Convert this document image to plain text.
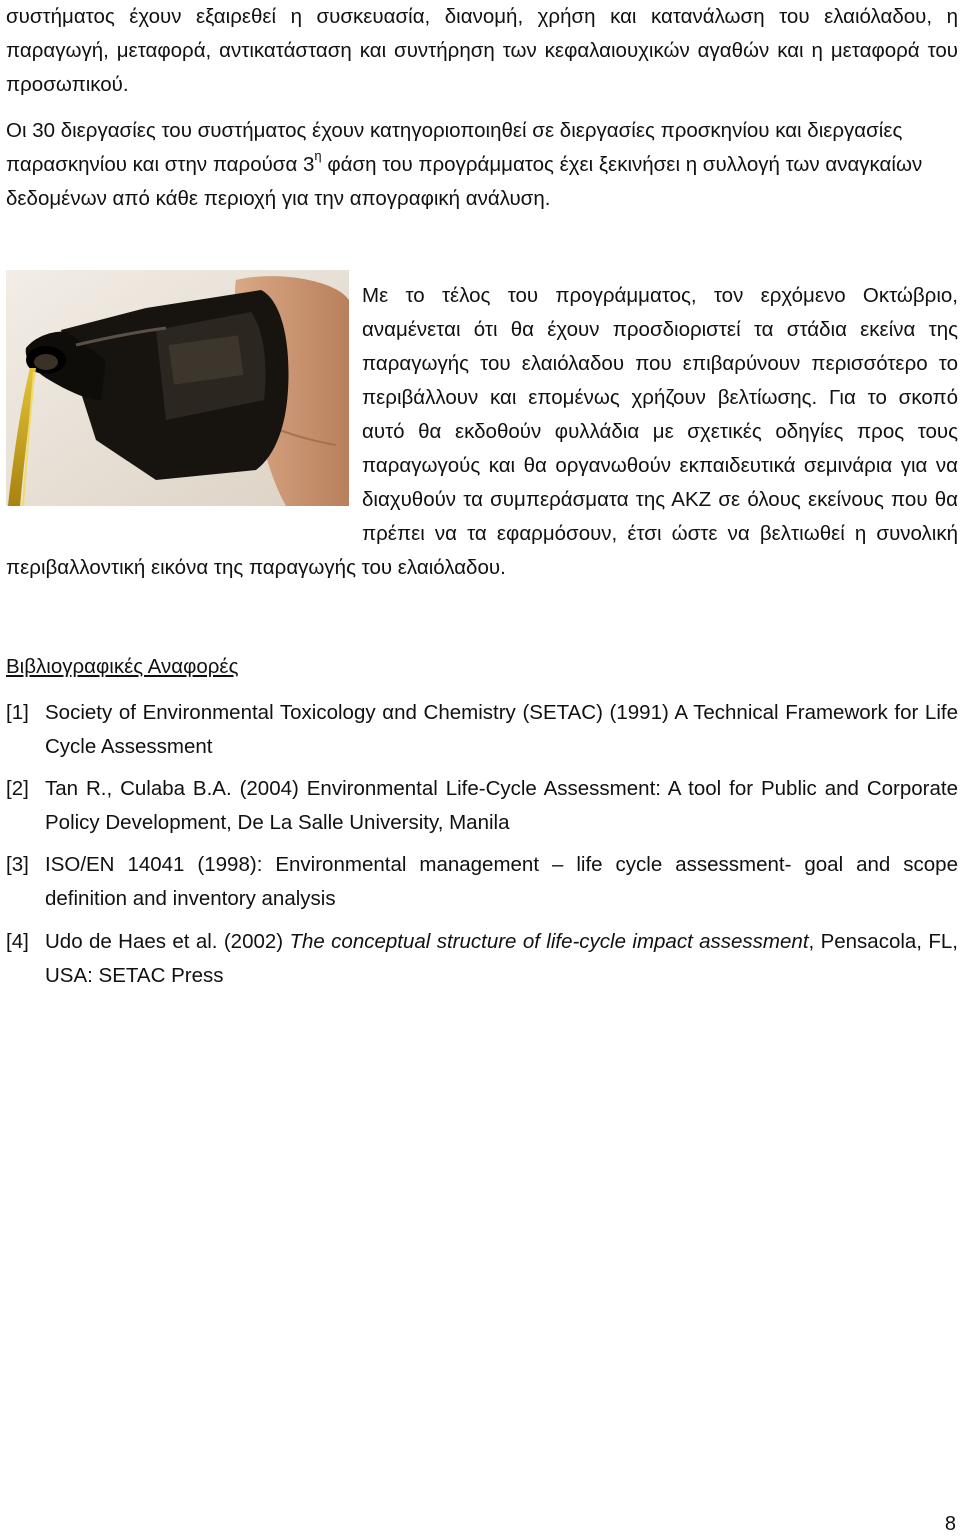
συστήματος έχουν εξαιρεθεί η συσκευασία, διανομή, χρήση και κατανάλωση του ελαιόλαδου, η παραγωγή, μεταφορά, αντικατάσταση και συντήρηση των κεφαλαιουχικών αγαθών και η μεταφορά του προσωπικού.

Οι 30 διεργασίες του συστήματος έχουν κατηγοριοποιηθεί σε διεργασίες προσκηνίου και διεργασίες παρασκηνίου και στην παρούσα $3^\eta$ φάση του προγράμματος έχει ξεκινήσει η συλλογή των αναγκαίων δεδομένων από κάθε περιοχή για την απογραφική ανάλυση.

Με το τέλος του προγράμματος, τον ερχόμενο Οκτώβριο, αναμένεται ότι θα έχουν προσδιοριστεί τα στάδια εκείνα της παραγωγής του ελαιόλαδου που επιβαρύνουν περισσότερο το περιβάλλουν και επομένως χρήζουν βελτίωσης. Για το σκοπό αυτό θα εκδοθούν φυλλάδια με σχετικές οδηγίες προς τους παραγωγούς και θα οργανωθούν εκπαιδευτικά σεμινάρια για να διαχυθούν τα συμπεράσματα της ΑΚΖ σε όλους εκείνους που θα πρέπει να τα εφαρμόσουν, έτσι ώστε να βελτιωθεί η συνολική περιβαλλοντική εικόνα της παραγωγής του ελαιόλαδου.

Βιβλιογραφικές Αναφορές
[1] Society of Environmental Toxicology αnd Chemistry (SETAC) (1991) A Technical Framework for Life Cycle Assessment
[2] Tan R., Culaba B.A. (2004) Environmental Life-Cycle Assessment: A tool for Public and Corporate Policy Development, De La Salle University, Manila
[3] ISO/EN 14041 (1998): Environmental management – life cycle assessment- goal and scope definition and inventory analysis
[4] Udo de Haes et al. (2002) The conceptual structure of life-cycle impact assessment, Pensacola, FL, USA: SETAC Press
8
